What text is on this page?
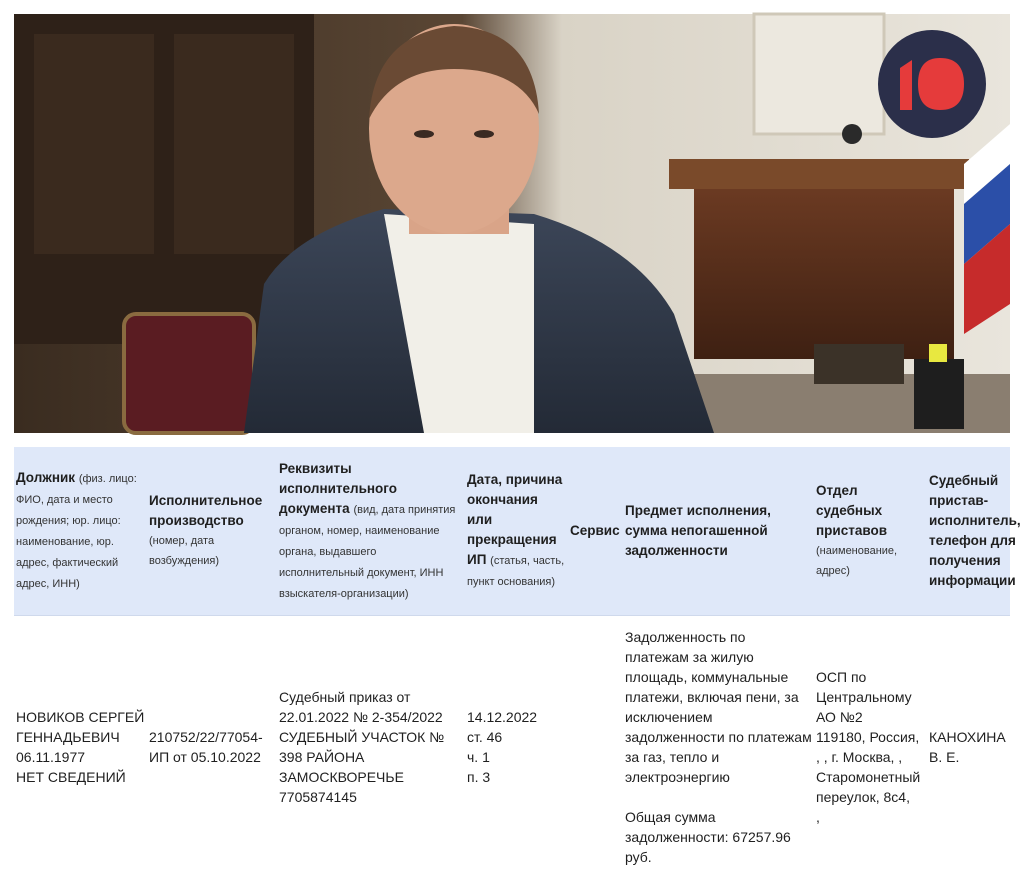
Должник (физ. лицо: ФИО, дата и место рождения; юр. лицо: наименование, юр. адрес, фактический адрес, ИНН)
Исполнительное производство
(номер, дата возбуждения)
Реквизиты исполнительного документа (вид, дата принятия органом, номер, наименование органа, выдавшего исполнительный документ, ИНН взыскателя-организации)
Дата, причина окончания или прекращения ИП (статья, часть, пункт основания)
Сервис
Предмет исполнения, сумма непогашенной задолженности
Отдел судебных приставов
(наименование, адрес)
Судебный пристав-исполнитель, телефон для получения информации
НОВИКОВ СЕРГЕЙ ГЕННАДЬЕВИЧ
06.11.1977
НЕТ СВЕДЕНИЙ
210752/22/77054-ИП от 05.10.2022
Судебный приказ от 22.01.2022 № 2-354/2022 СУДЕБНЫЙ УЧАСТОК № 398 РАЙОНА ЗАМОСКВОРЕЧЬЕ 7705874145
14.12.2022
ст. 46
ч. 1
п. 3
Задолженность по платежам за жилую площадь, коммунальные платежи, включая пени, за исключением задолженности по платежам за газ, тепло и электроэнергию

Общая сумма задолженности: 67257.96 руб.
ОСП по Центральному АО №2
119180, Россия, , , г. Москва, , Старомонетный переулок, 8с4,
,
КАНОХИНА В. Е.
